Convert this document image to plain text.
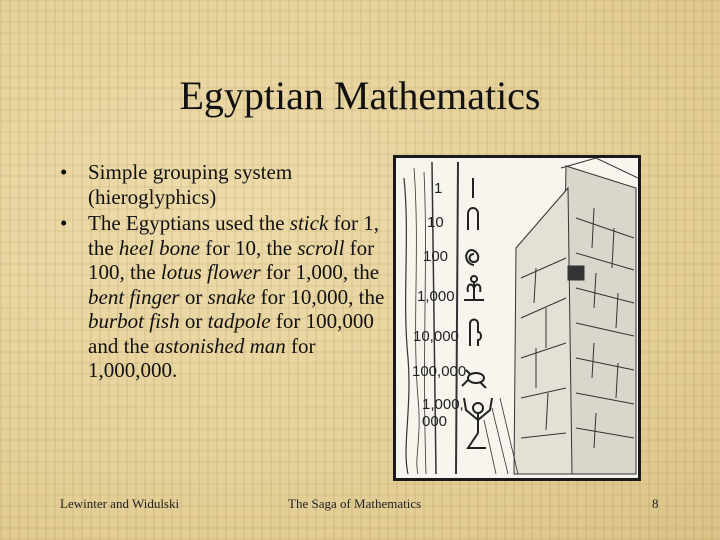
Egyptian Mathematics
• Simple grouping system (hieroglyphics)
• The Egyptians used the stick for 1, the heel bone for 10, the scroll for 100, the lotus flower for 1,000, the bent finger or snake for 10,000, the burbot fish or tadpole for 100,000 and the astonished man for 1,000,000.
1
10
100
1,000
10,000
100,000
1,000,
000
Lewinter and Widulski	The Saga of Mathematics	8
